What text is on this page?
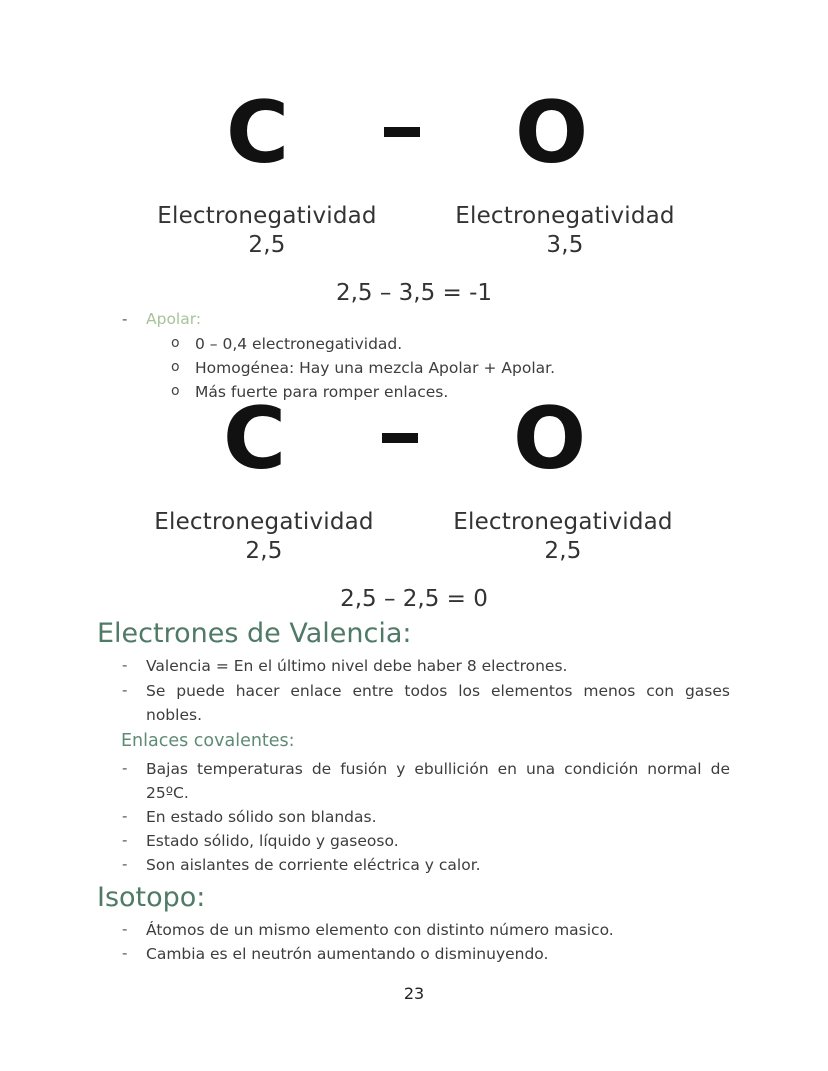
C	O
Electronegatividad
2,5
Electronegatividad
3,5
2,5 – 3,5 = -1
- Apolar:
o 0 – 0,4 electronegatividad.
o Homogénea: Hay una mezcla Apolar + Apolar.
o Más fuerte para romper enlaces.
C	O
Electronegatividad
2,5
Electronegatividad
2,5
2,5 – 2,5 = 0
Electrones de Valencia:
- Valencia = En el último nivel debe haber 8 electrones.
- Se puede hacer enlace entre todos los elementos menos con gases nobles.
Enlaces covalentes:
- Bajas temperaturas de fusión y ebullición en una condición normal de 25ºC.
- En estado sólido son blandas.
- Estado sólido, líquido y gaseoso.
- Son aislantes de corriente eléctrica y calor.
Isotopo:
- Átomos de un mismo elemento con distinto número masico.
- Cambia es el neutrón aumentando o disminuyendo.
23
